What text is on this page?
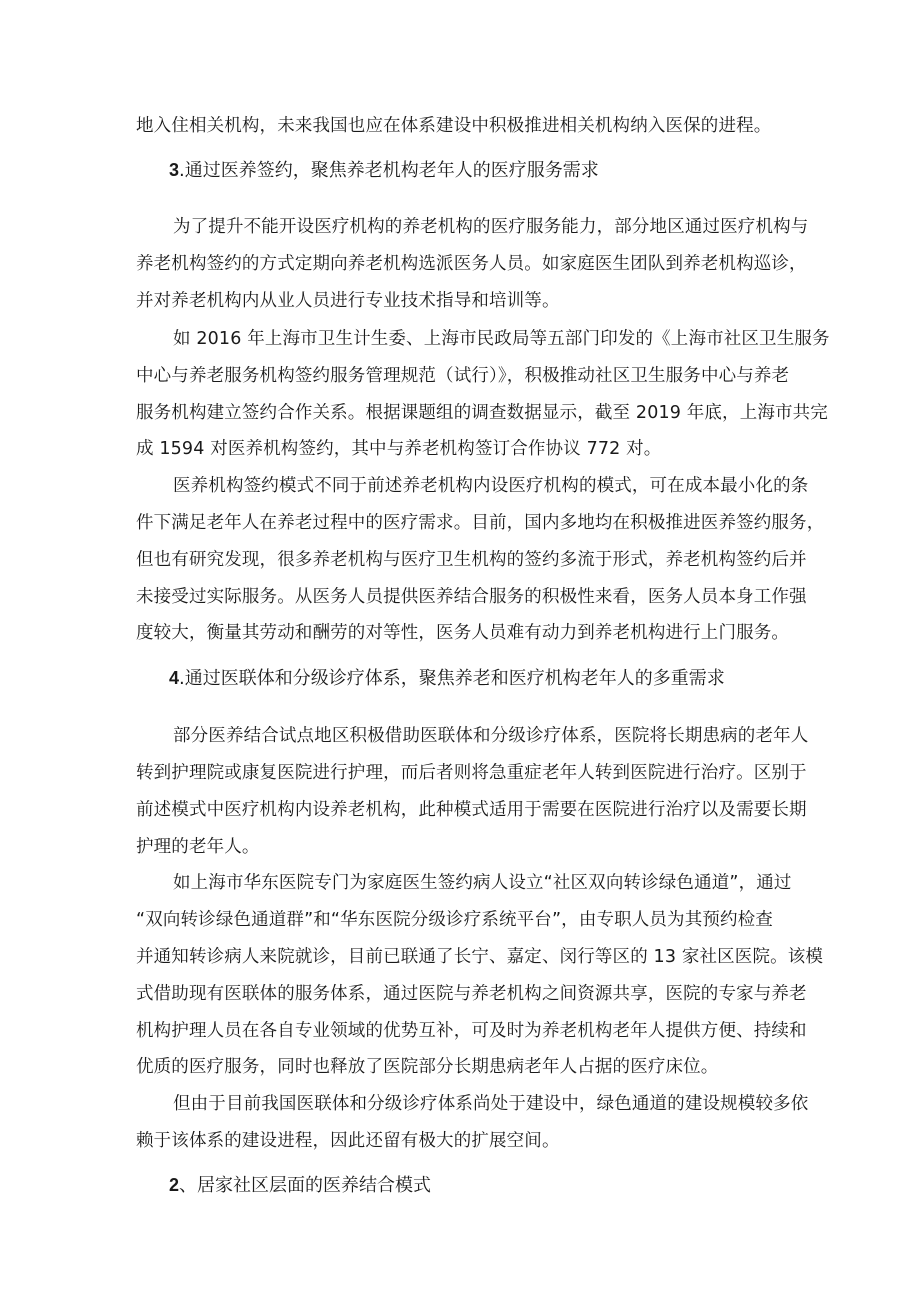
地入住相关机构，未来我国也应在体系建设中积极推进相关机构纳入医保的进程。
3.通过医养签约，聚焦养老机构老年人的医疗服务需求
为了提升不能开设医疗机构的养老机构的医疗服务能力，部分地区通过医疗机构与
养老机构签约的方式定期向养老机构选派医务人员。如家庭医生团队到养老机构巡诊，
并对养老机构内从业人员进行专业技术指导和培训等。
如 2016 年上海市卫生计生委、上海市民政局等五部门印发的《上海市社区卫生服务
中心与养老服务机构签约服务管理规范（试行）》，积极推动社区卫生服务中心与养老
服务机构建立签约合作关系。根据课题组的调查数据显示，截至 2019 年底，上海市共完
成 1594 对医养机构签约，其中与养老机构签订合作协议 772 对。
医养机构签约模式不同于前述养老机构内设医疗机构的模式，可在成本最小化的条
件下满足老年人在养老过程中的医疗需求。目前，国内多地均在积极推进医养签约服务，
但也有研究发现，很多养老机构与医疗卫生机构的签约多流于形式，养老机构签约后并
未接受过实际服务。从医务人员提供医养结合服务的积极性来看，医务人员本身工作强
度较大，衡量其劳动和酬劳的对等性，医务人员难有动力到养老机构进行上门服务。
4.通过医联体和分级诊疗体系，聚焦养老和医疗机构老年人的多重需求
部分医养结合试点地区积极借助医联体和分级诊疗体系，医院将长期患病的老年人
转到护理院或康复医院进行护理，而后者则将急重症老年人转到医院进行治疗。区别于
前述模式中医疗机构内设养老机构，此种模式适用于需要在医院进行治疗以及需要长期
护理的老年人。
如上海市华东医院专门为家庭医生签约病人设立“社区双向转诊绿色通道”，通过
“双向转诊绿色通道群”和“华东医院分级诊疗系统平台”，由专职人员为其预约检查
并通知转诊病人来院就诊，目前已联通了长宁、嘉定、闵行等区的 13 家社区医院。该模
式借助现有医联体的服务体系，通过医院与养老机构之间资源共享，医院的专家与养老
机构护理人员在各自专业领域的优势互补，可及时为养老机构老年人提供方便、持续和
优质的医疗服务，同时也释放了医院部分长期患病老年人占据的医疗床位。
但由于目前我国医联体和分级诊疗体系尚处于建设中，绿色通道的建设规模较多依
赖于该体系的建设进程，因此还留有极大的扩展空间。
2、居家社区层面的医养结合模式
